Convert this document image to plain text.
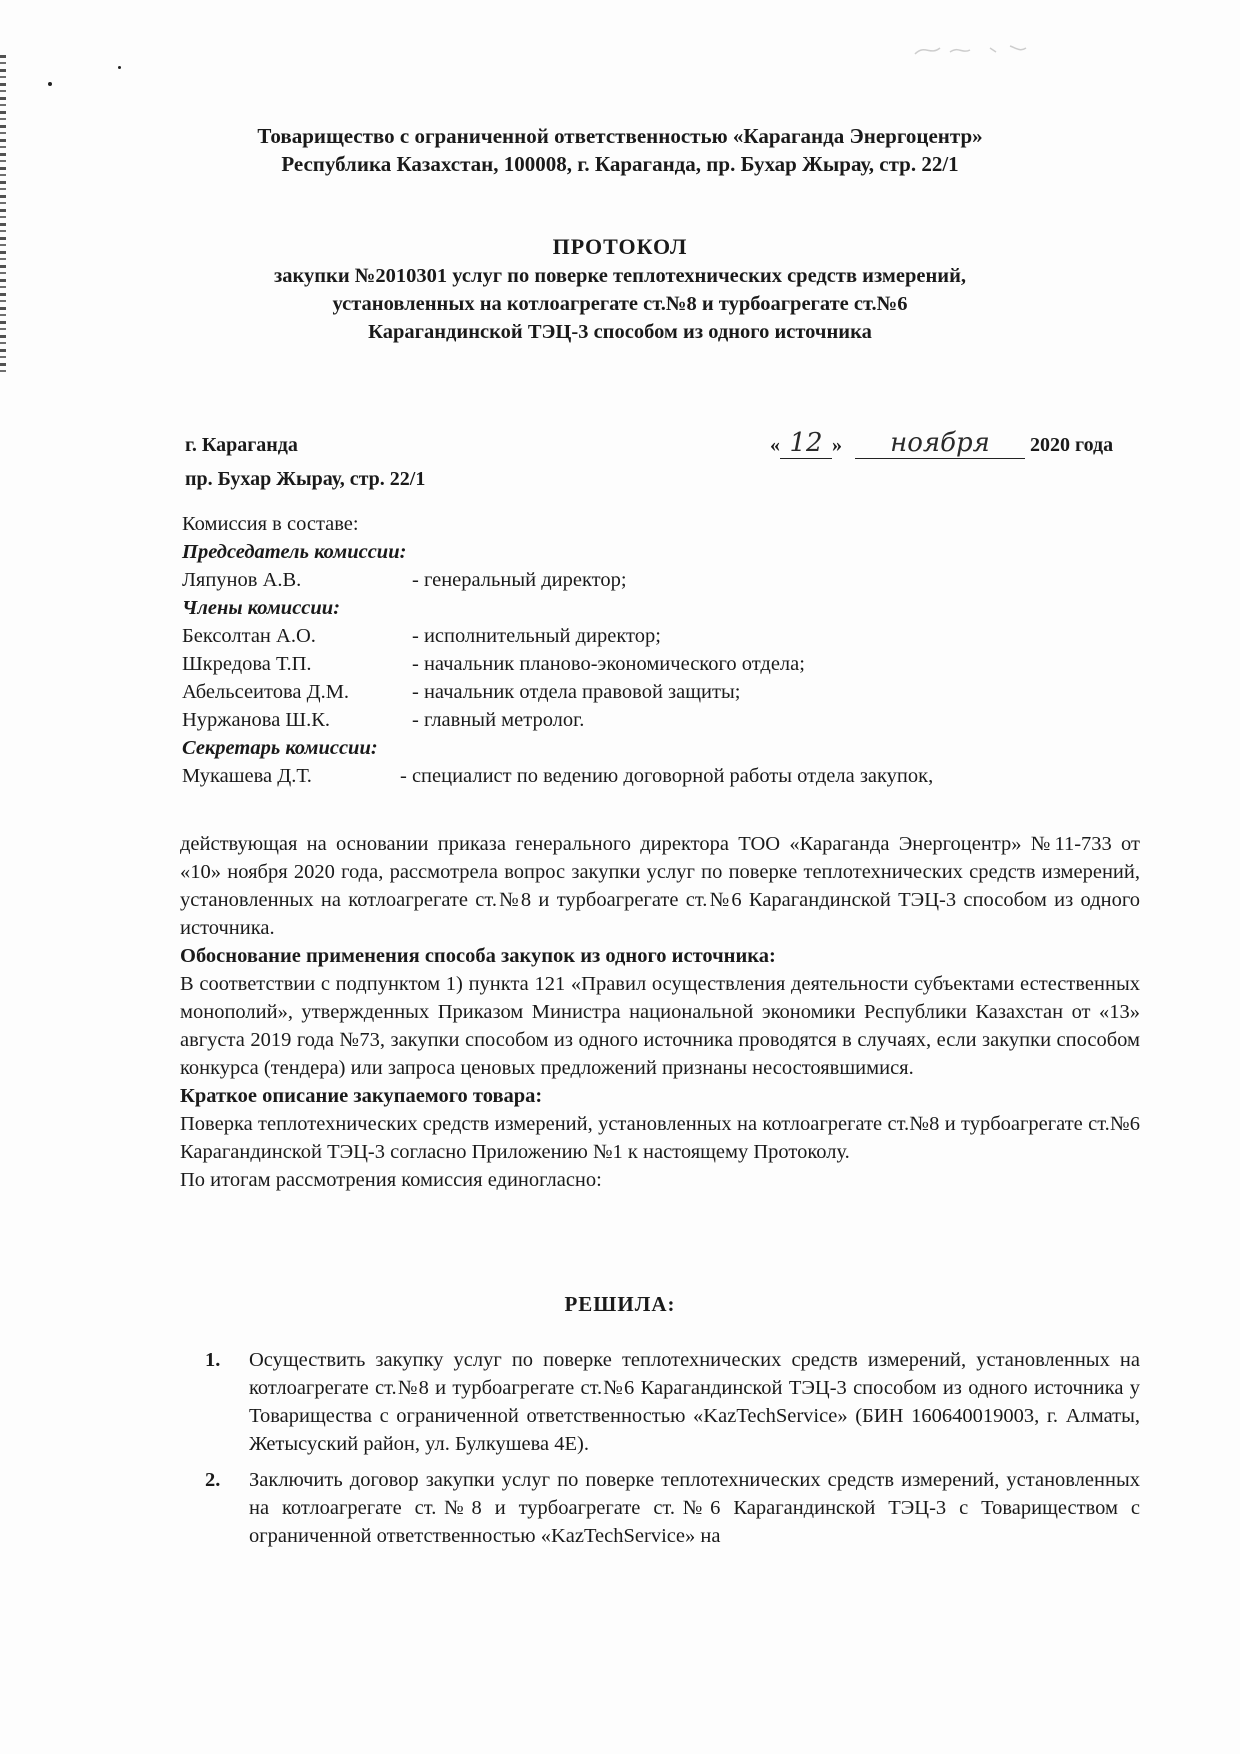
Товарищество с ограниченной ответственностью «Караганда Энергоцентр»
Республика Казахстан, 100008, г. Караганда, пр. Бухар Жырау, стр. 22/1
ПРОТОКОЛ
закупки №2010301 услуг по поверке теплотехнических средств измерений,
установленных на котлоагрегате ст.№8 и турбоагрегате ст.№6
Карагандинской ТЭЦ-3 способом из одного источника
г. Караганда
пр. Бухар Жырау, стр. 22/1
« 12 » ноября 2020 года
Комиссия в составе:
Председатель комиссии:
Ляпунов А.В.	- генеральный директор;
Члены комиссии:
Бексолтан А.О.	- исполнительный директор;
Шкредова Т.П.	- начальник планово-экономического отдела;
Абельсеитова Д.М.	- начальник отдела правовой защиты;
Нуржанова Ш.К.	- главный метролог.
Секретарь комиссии:
Мукашева Д.Т.	- специалист по ведению договорной работы отдела закупок,

действующая на основании приказа генерального директора ТОО «Караганда Энергоцентр» №11-733 от «10» ноября 2020 года, рассмотрела вопрос закупки услуг по поверке теплотехнических средств измерений, установленных на котлоагрегате ст.№8 и турбоагрегате ст.№6 Карагандинской ТЭЦ-3 способом из одного источника.

Обоснование применения способа закупок из одного источника:

В соответствии с подпунктом 1) пункта 121 «Правил осуществления деятельности субъектами естественных монополий», утвержденных Приказом Министра национальной экономики Республики Казахстан от «13» августа 2019 года №73, закупки способом из одного источника проводятся в случаях, если закупки способом конкурса (тендера) или запроса ценовых предложений признаны несостоявшимися.

Краткое описание закупаемого товара:

Поверка теплотехнических средств измерений, установленных на котлоагрегате ст.№8 и турбоагрегате ст.№6 Карагандинской ТЭЦ-3 согласно Приложению №1 к настоящему Протоколу.

По итогам рассмотрения комиссия единогласно:

РЕШИЛА:
1.	Осуществить закупку услуг по поверке теплотехнических средств измерений, установленных на котлоагрегате ст.№8 и турбоагрегате ст.№6 Карагандинской ТЭЦ-3 способом из одного источника у Товарищества с ограниченной ответственностью «KazTechService» (БИН 160640019003, г. Алматы, Жетысуский район, ул. Булкушева 4Е).
2.	Заключить договор закупки услуг по поверке теплотехнических средств измерений, установленных на котлоагрегате ст.№8 и турбоагрегате ст.№6 Карагандинской ТЭЦ-3 с Товариществом с ограниченной ответственностью «KazTechService» на
